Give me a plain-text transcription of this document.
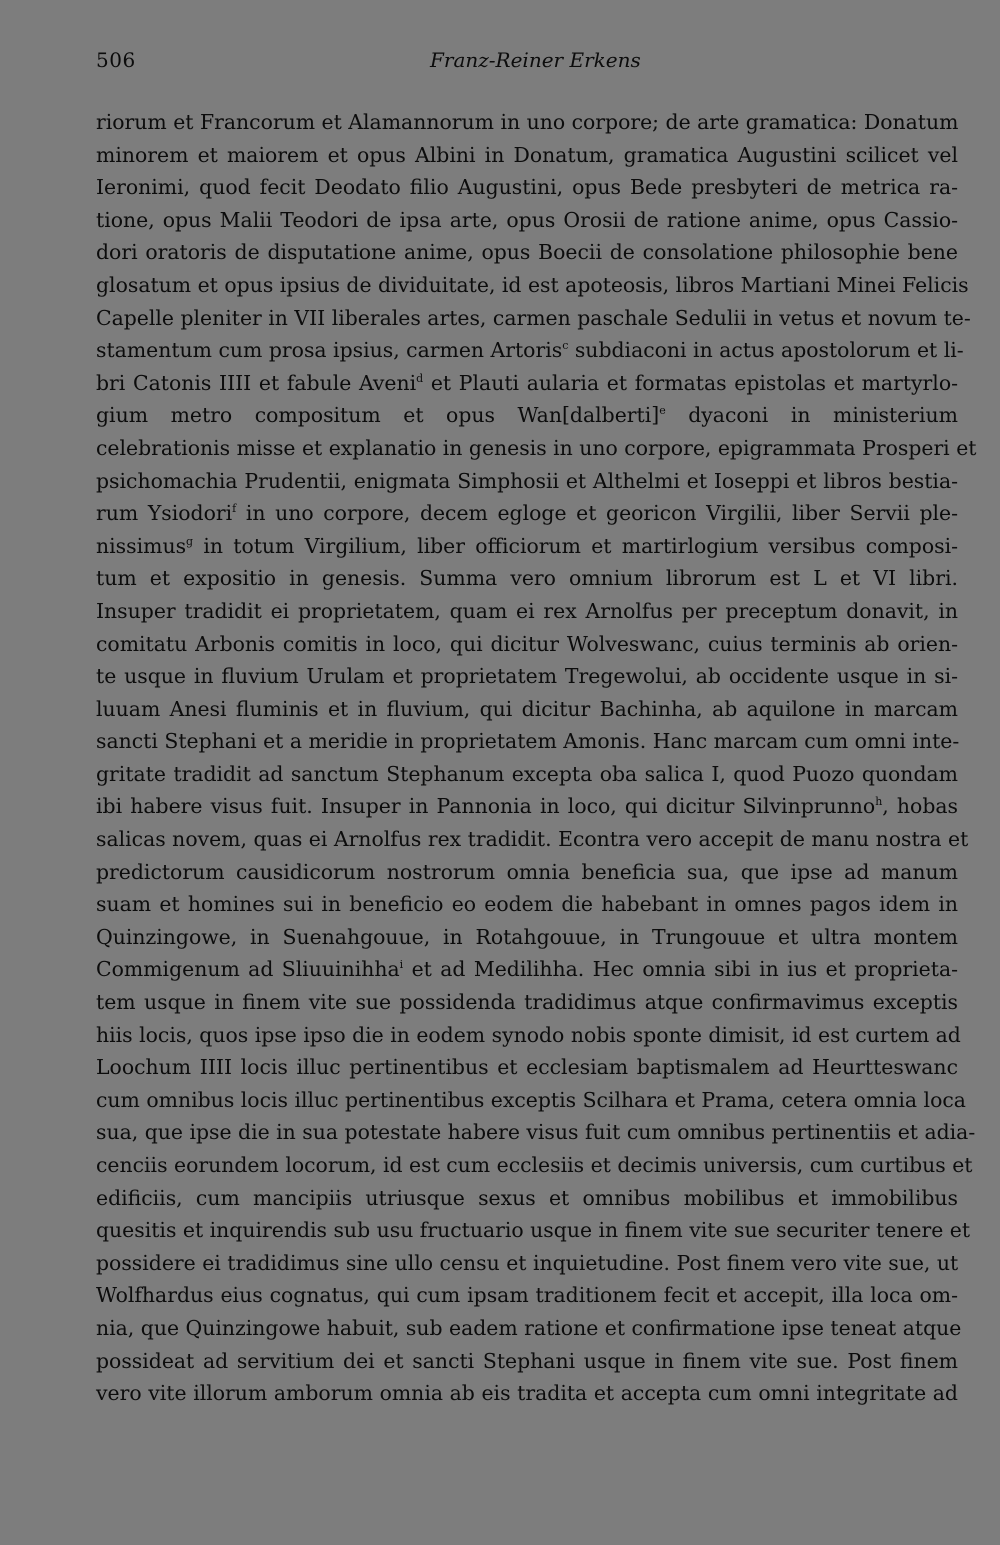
506	Franz-Reiner Erkens
riorum et Francorum et Alamannorum in uno corpore; de arte gramatica: Donatum
minorem et maiorem et opus Albini in Donatum, gramatica Augustini scilicet vel
Ieronimi, quod fecit Deodato filio Augustini, opus Bede presbyteri de metrica ra-
tione, opus Malii Teodori de ipsa arte, opus Orosii de ratione anime, opus Cassio-
dori oratoris de disputatione anime, opus Boecii de consolatione philosophie bene
glosatum et opus ipsius de dividuitate, id est apoteosis, libros Martiani Minei Felicis
Capelle pleniter in VII liberales artes, carmen paschale Sedulii in vetus et novum te-
stamentum cum prosa ipsius, carmen Artoris$^c$ subdiaconi in actus apostolorum et li-
bri Catonis IIII et fabule Aveni$^d$ et Plauti aularia et formatas epistolas et martyrlo-
gium metro compositum et opus Wan[dalberti]$^e$ dyaconi in ministerium
celebrationis misse et explanatio in genesis in uno corpore, epigrammata Prosperi et
psichomachia Prudentii, enigmata Simphosii et Althelmi et Ioseppi et libros bestia-
rum Ysiodori$^f$ in uno corpore, decem egloge et georicon Virgilii, liber Servii ple-
nissimus$^g$ in totum Virgilium, liber officiorum et martirlogium versibus composi-
tum et expositio in genesis. Summa vero omnium librorum est L et VI libri.
Insuper tradidit ei proprietatem, quam ei rex Arnolfus per preceptum donavit, in
comitatu Arbonis comitis in loco, qui dicitur Wolveswanc, cuius terminis ab orien-
te usque in fluvium Urulam et proprietatem Tregewolui, ab occidente usque in si-
luuam Anesi fluminis et in fluvium, qui dicitur Bachinha, ab aquilone in marcam
sancti Stephani et a meridie in proprietatem Amonis. Hanc marcam cum omni inte-
gritate tradidit ad sanctum Stephanum excepta oba salica I, quod Puozo quondam
ibi habere visus fuit. Insuper in Pannonia in loco, qui dicitur Silvinprunno$^h$, hobas
salicas novem, quas ei Arnolfus rex tradidit. Econtra vero accepit de manu nostra et
predictorum causidicorum nostrorum omnia beneficia sua, que ipse ad manum
suam et homines sui in beneficio eo eodem die habebant in omnes pagos idem in
Quinzingowe, in Suenahgouue, in Rotahgouue, in Trungouue et ultra montem
Commigenum ad Sliuuinihha$^i$ et ad Medilihha. Hec omnia sibi in ius et proprieta-
tem usque in finem vite sue possidenda tradidimus atque confirmavimus exceptis
hiis locis, quos ipse ipso die in eodem synodo nobis sponte dimisit, id est curtem ad
Loochum IIII locis illuc pertinentibus et ecclesiam baptismalem ad Heurtteswanc
cum omnibus locis illuc pertinentibus exceptis Scilhara et Prama, cetera omnia loca
sua, que ipse die in sua potestate habere visus fuit cum omnibus pertinentiis et adia-
cenciis eorundem locorum, id est cum ecclesiis et decimis universis, cum curtibus et
edificiis, cum mancipiis utriusque sexus et omnibus mobilibus et immobilibus
quesitis et inquirendis sub usu fructuario usque in finem vite sue securiter tenere et
possidere ei tradidimus sine ullo censu et inquietudine. Post finem vero vite sue, ut
Wolfhardus eius cognatus, qui cum ipsam traditionem fecit et accepit, illa loca om-
nia, que Quinzingowe habuit, sub eadem ratione et confirmatione ipse teneat atque
possideat ad servitium dei et sancti Stephani usque in finem vite sue. Post finem
vero vite illorum amborum omnia ab eis tradita et accepta cum omni integritate ad
